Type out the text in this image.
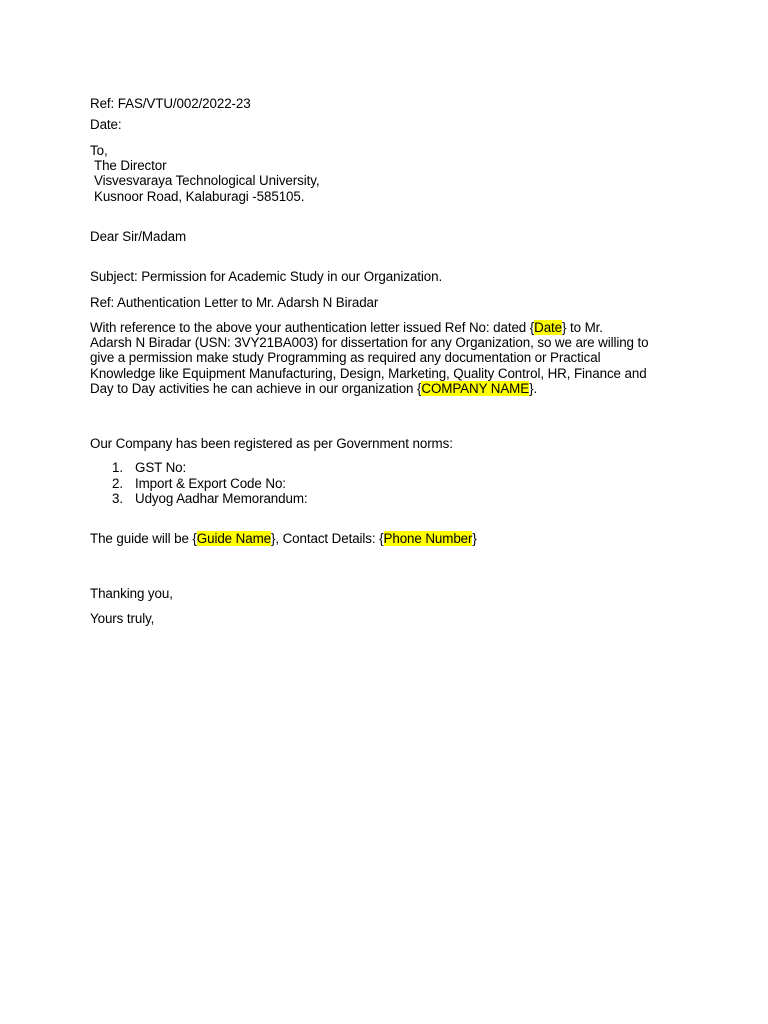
Ref: FAS/VTU/002/2022-23
Date:
To,
The Director
Visvesvaraya Technological University,
Kusnoor Road, Kalaburagi -585105.
Dear Sir/Madam
Subject: Permission for Academic Study in our Organization.
Ref: Authentication Letter to Mr. Adarsh N Biradar
With reference to the above your authentication letter issued Ref No: dated {Date} to Mr.
Adarsh N Biradar (USN: 3VY21BA003) for dissertation for any Organization, so we are willing to
give a permission make study Programming as required any documentation or Practical
Knowledge like Equipment Manufacturing, Design, Marketing, Quality Control, HR, Finance and
Day to Day activities he can achieve in our organization {COMPANY NAME}.
Our Company has been registered as per Government norms:
1. GST No:
2. Import & Export Code No:
3. Udyog Aadhar Memorandum:
The guide will be {Guide Name}, Contact Details: {Phone Number}
Thanking you,
Yours truly,
